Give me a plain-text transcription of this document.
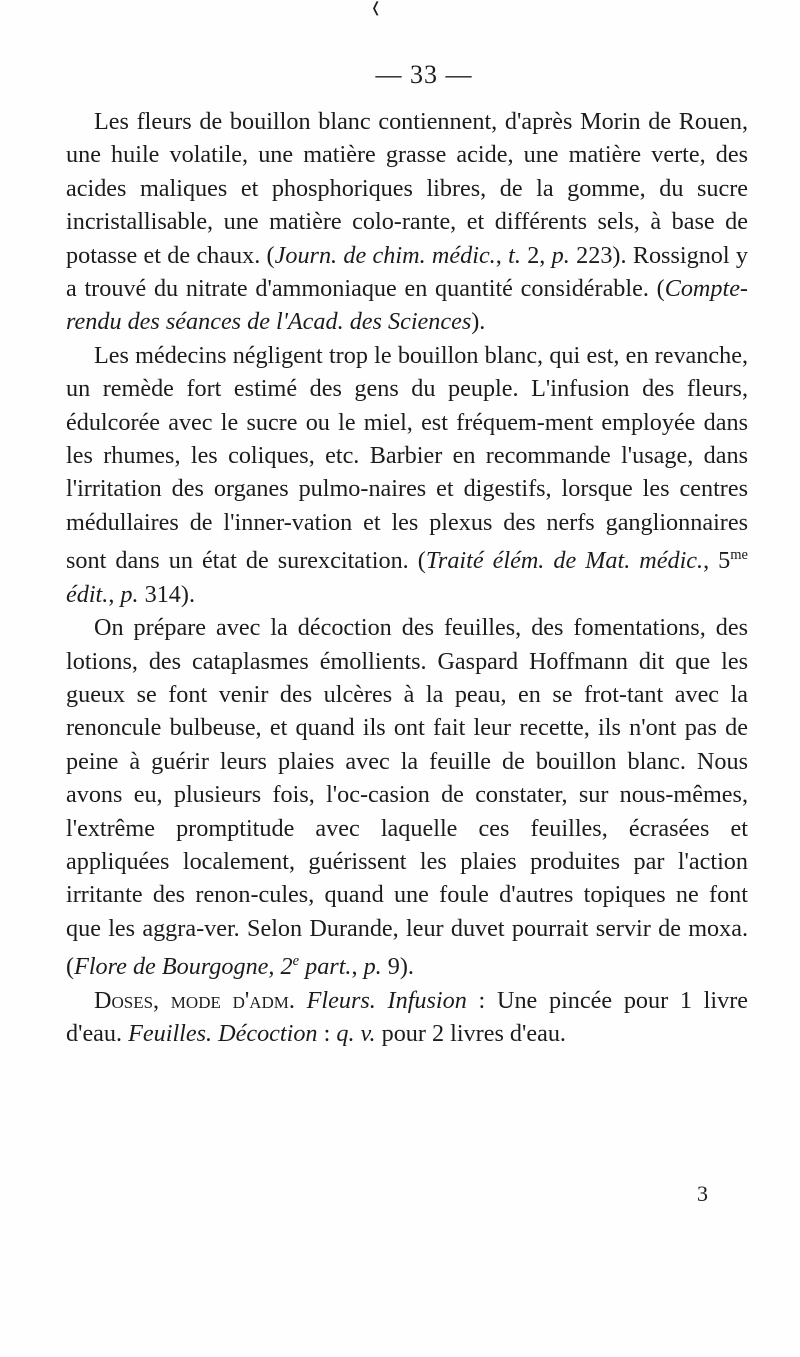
❬
— 33 —

Les fleurs de bouillon blanc contiennent, d'après Morin de Rouen, une huile volatile, une matière grasse acide, une matière verte, des acides maliques et phosphoriques libres, de la gomme, du sucre incristallisable, une matière colo-rante, et différents sels, à base de potasse et de chaux. (Journ. de chim. médic., t. 2, p. 223). Rossignol y a trouvé du nitrate d'ammoniaque en quantité considérable. (Compte-rendu des séances de l'Acad. des Sciences).

Les médecins négligent trop le bouillon blanc, qui est, en revanche, un remède fort estimé des gens du peuple. L'infusion des fleurs, édulcorée avec le sucre ou le miel, est fréquem-ment employée dans les rhumes, les coliques, etc. Barbier en recommande l'usage, dans l'irritation des organes pulmo-naires et digestifs, lorsque les centres médullaires de l'inner-vation et les plexus des nerfs ganglionnaires sont dans un état de surexcitation. (Traité élém. de Mat. médic., $5^{me}$ édit., p. 314).

On prépare avec la décoction des feuilles, des fomentations, des lotions, des cataplasmes émollients. Gaspard Hoffmann dit que les gueux se font venir des ulcères à la peau, en se frot-tant avec la renoncule bulbeuse, et quand ils ont fait leur recette, ils n'ont pas de peine à guérir leurs plaies avec la feuille de bouillon blanc. Nous avons eu, plusieurs fois, l'oc-casion de constater, sur nous-mêmes, l'extrême promptitude avec laquelle ces feuilles, écrasées et appliquées localement, guérissent les plaies produites par l'action irritante des renon-cules, quand une foule d'autres topiques ne font que les aggra-ver. Selon Durande, leur duvet pourrait servir de moxa. (Flore de Bourgogne, 2e part., p. 9).

Doses, mode d'adm. Fleurs. Infusion : Une pincée pour 1 livre d'eau. Feuilles. Décoction : q. v. pour 2 livres d'eau.

3
